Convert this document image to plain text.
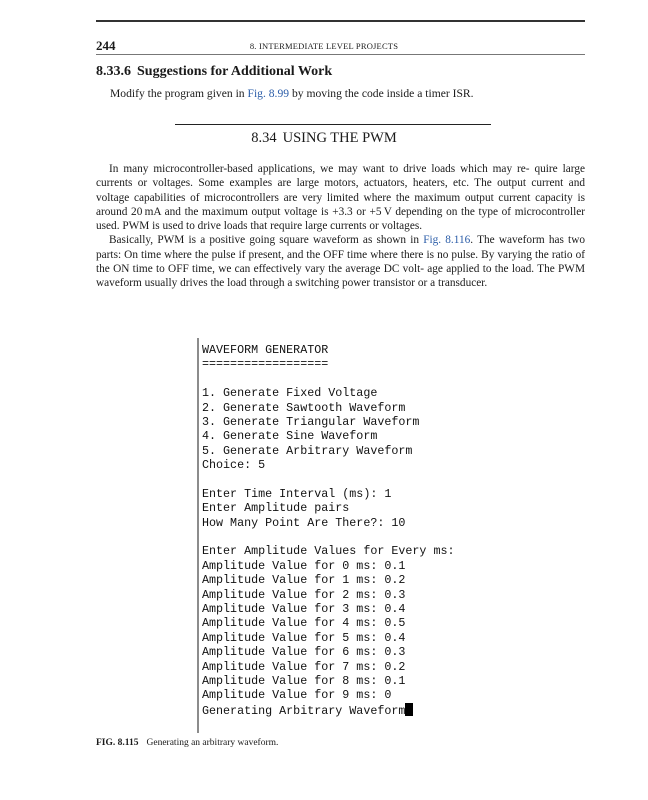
244	8. INTERMEDIATE LEVEL PROJECTS
8.33.6 Suggestions for Additional Work
Modify the program given in Fig. 8.99 by moving the code inside a timer ISR.
8.34 USING THE PWM

In many microcontroller-based applications, we may want to drive loads which may re- quire large currents or voltages. Some examples are large motors, actuators, heaters, etc. The output current and voltage capabilities of microcontrollers are very limited where the maximum output current capacity is around 20 mA and the maximum output voltage is +3.3 or +5 V depending on the type of microcontroller used. PWM is used to drive loads that require large currents or voltages.

Basically, PWM is a positive going square waveform as shown in Fig. 8.116. The waveform has two parts: On time where the pulse if present, and the OFF time where there is no pulse. By varying the ratio of the ON time to OFF time, we can effectively vary the average DC volt- age applied to the load. The PWM waveform usually drives the load through a switching power transistor or a transducer.

WAVEFORM GENERATOR
==================
1. Generate Fixed Voltage
2. Generate Sawtooth Waveform
3. Generate Triangular Waveform
4. Generate Sine Waveform
5. Generate Arbitrary Waveform
Choice: 5
Enter Time Interval (ms): 1
Enter Amplitude pairs
How Many Point Are There?: 10
Enter Amplitude Values for Every ms:
Amplitude Value for 0 ms: 0.1
Amplitude Value for 1 ms: 0.2
Amplitude Value for 2 ms: 0.3
Amplitude Value for 3 ms: 0.4
Amplitude Value for 4 ms: 0.5
Amplitude Value for 5 ms: 0.4
Amplitude Value for 6 ms: 0.3
Amplitude Value for 7 ms: 0.2
Amplitude Value for 8 ms: 0.1
Amplitude Value for 9 ms: 0
Generating Arbitrary Waveform
FIG. 8.115 Generating an arbitrary waveform.
